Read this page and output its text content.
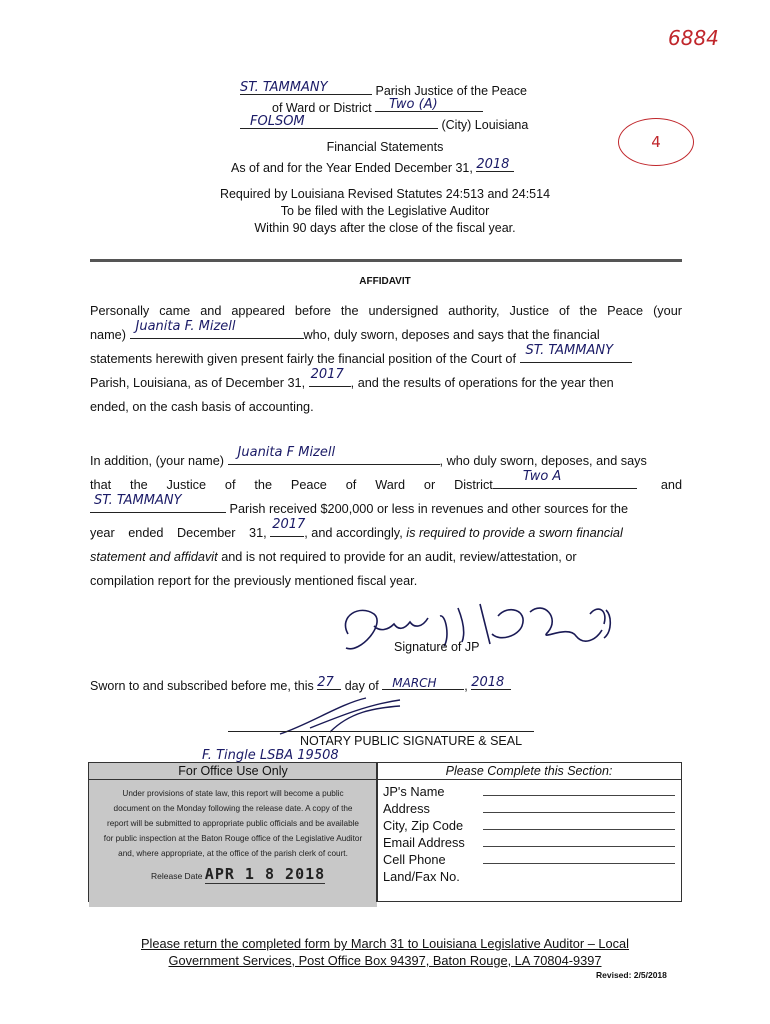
6884
4
ST. TAMMANY	Parish Justice of the Peace
of Ward or District Two (A)
FOLSOM	(City) Louisiana
Financial Statements
As of and for the Year Ended December 31, 2018
Required by Louisiana Revised Statutes 24:513 and 24:514
To be filed with the Legislative Auditor
Within 90 days after the close of the fiscal year.
AFFIDAVIT
Personally came and appeared before the undersigned authority, Justice of the Peace (your
name)
Juanita F. Mizell
who, duly sworn, deposes and says that the financial
statements herewith given present fairly the financial position of the Court of
ST. TAMMANY
Parish, Louisiana, as of December 31,
2017
, and the results of operations for the year then
ended, on the cash basis of accounting.
In addition, (your name)
Juanita F Mizell
, who duly sworn, deposes, and says
that the Justice of the Peace of Ward or District
Two A
and
ST. TAMMANY
Parish received $200,000 or less in revenues and other sources for the
year ended December 31,
2017
, and accordingly, is required to provide a sworn financial
statement and affidavit and is not required to provide for an audit, review/attestation, or
compilation report for the previously mentioned fiscal year.
Signature of JP
Sworn to and subscribed before me, this 27 day of MARCH , 2018
NOTARY PUBLIC SIGNATURE & SEAL
F. Tingle LSBA 19508
For Office Use Only
Under provisions of state law, this report will become a public
document on the Monday following the release date. A copy of the
report will be submitted to appropriate public officials and be available
for public inspection at the Baton Rouge office of the Legislative Auditor
and, where appropriate, at the office of the parish clerk of court.
Release Date APR 1 8 2018
Please Complete this Section:
JP's Name
Address
City, Zip Code
Email Address
Cell Phone
Land/Fax No.
Please return the completed form by March 31 to Louisiana Legislative Auditor – Local
Government Services, Post Office Box 94397, Baton Rouge, LA 70804-9397
Revised: 2/5/2018
